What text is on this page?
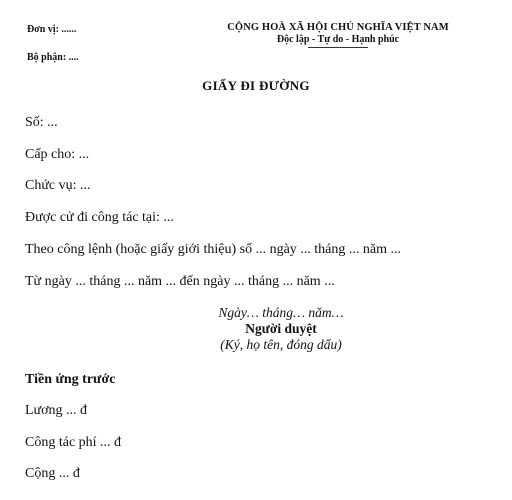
Đơn vị: ......
Bộ phận: ....
CỘNG HOÀ XÃ HỘI CHỦ NGHĨA VIỆT NAM
Độc lập - Tự do - Hạnh phúc
GIẤY ĐI ĐƯỜNG
Số: ...
Cấp cho: ...
Chức vụ: ...
Được cử đi công tác tại: ...
Theo công lệnh (hoặc giấy giới thiệu) số ... ngày ... tháng ... năm ...
Từ ngày ... tháng ... năm ... đến ngày ... tháng ... năm ...
Ngày… tháng… năm…
Người duyệt
(Ký, họ tên, đóng dấu)
Tiền ứng trước
Lương ... đ
Công tác phí ... đ
Cộng ... đ
